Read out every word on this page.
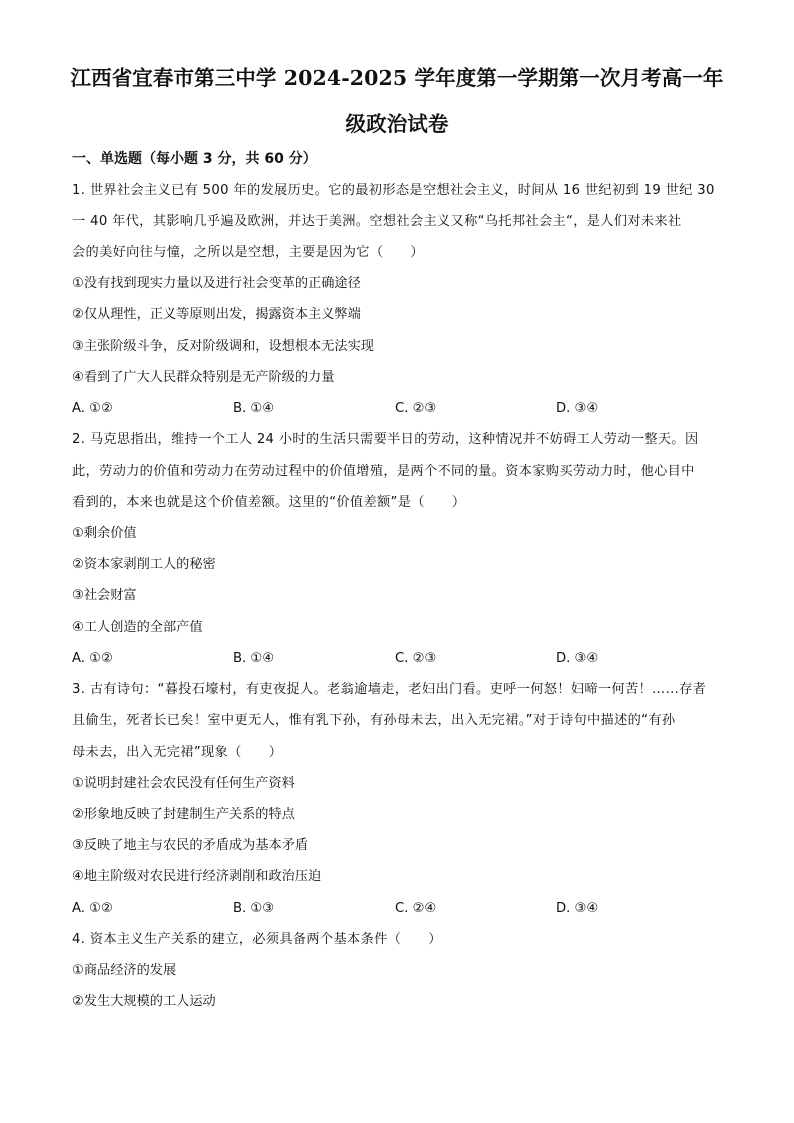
江西省宜春市第三中学 2024-2025 学年度第一学期第一次月考高一年
级政治试卷
一、单选题（每小题 3 分，共 60 分）
1. 世界社会主义已有 500 年的发展历史。它的最初形态是空想社会主义，时间从 16 世纪初到 19 世纪 30
一 40 年代，其影响几乎遍及欧洲，并达于美洲。空想社会主义又称“乌托邦社会主“，是人们对未来社
会的美好向往与憧，之所以是空想，主要是因为它（　　）
①没有找到现实力量以及进行社会变革的正确途径
②仅从理性，正义等原则出发，揭露资本主义弊端
③主张阶级斗争，反对阶级调和，设想根本无法实现
④看到了广大人民群众特别是无产阶级的力量
A. ①②	B. ①④	C. ②③	D. ③④
2. 马克思指出，维持一个工人 24 小时的生活只需要半日的劳动，这种情况并不妨碍工人劳动一整天。因
此，劳动力的价值和劳动力在劳动过程中的价值增殖，是两个不同的量。资本家购买劳动力时，他心目中
看到的，本来也就是这个价值差额。这里的“价值差额”是（　　）
①剩余价值
②资本家剥削工人的秘密
③社会财富
④工人创造的全部产值
A. ①②	B. ①④	C. ②③	D. ③④
3. 古有诗句：“暮投石壕村，有吏夜捉人。老翁逾墙走，老妇出门看。吏呼一何怒！妇啼一何苦！……存者
且偷生，死者长已矣！室中更无人，惟有乳下孙，有孙母未去，出入无完裙。”对于诗句中描述的“有孙
母未去，出入无完裙”现象（　　）
①说明封建社会农民没有任何生产资料
②形象地反映了封建制生产关系的特点
③反映了地主与农民的矛盾成为基本矛盾
④地主阶级对农民进行经济剥削和政治压迫
A. ①②	B. ①③	C. ②④	D. ③④
4. 资本主义生产关系的建立，必须具备两个基本条件（　　）
①商品经济的发展
②发生大规模的工人运动
